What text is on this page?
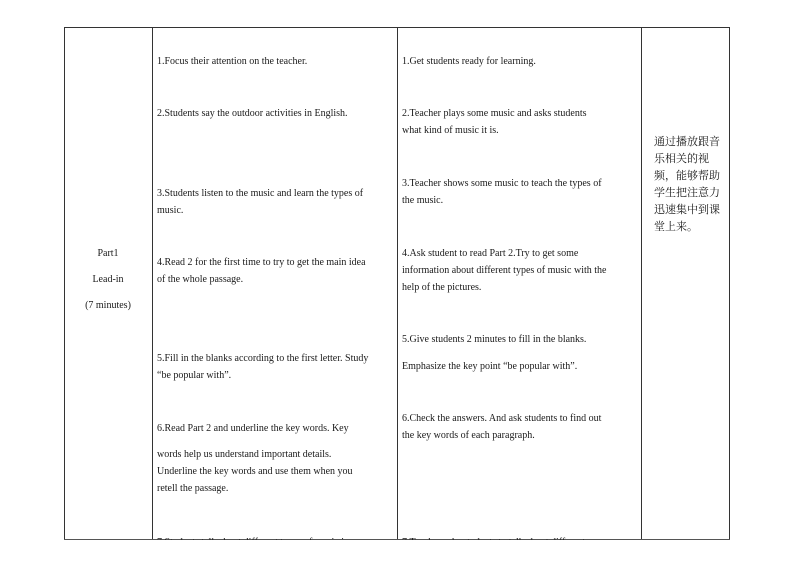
Part1
Lead-in
(7 minutes)
1.Focus their attention on the teacher.
2.Students say the outdoor activities in English.
3.Students listen to the music and learn the types of
music.
4.Read 2 for the first time to try to get the main idea
of the whole passage.
5.Fill in the blanks according to the first letter. Study
“be popular with”.
6.Read Part 2 and underline the key words. Key
words help us understand important details.
Underline the key words and use them when you
retell the passage.
1.Get students ready for learning.
2.Teacher plays some music and asks students
what kind of music it is.
3.Teacher shows some music to teach the types of
the music.
4.Ask student to read Part 2.Try to get some
information about different types of music with the
help of the pictures.
5.Give students 2 minutes to fill in the blanks.
Emphasize the key point “be popular with”.
6.Check the answers. And ask students to find out
the key words of each paragraph.
通过播放跟音
乐相关的视
频，能够帮助
学生把注意力
迅速集中到课
堂上来。
